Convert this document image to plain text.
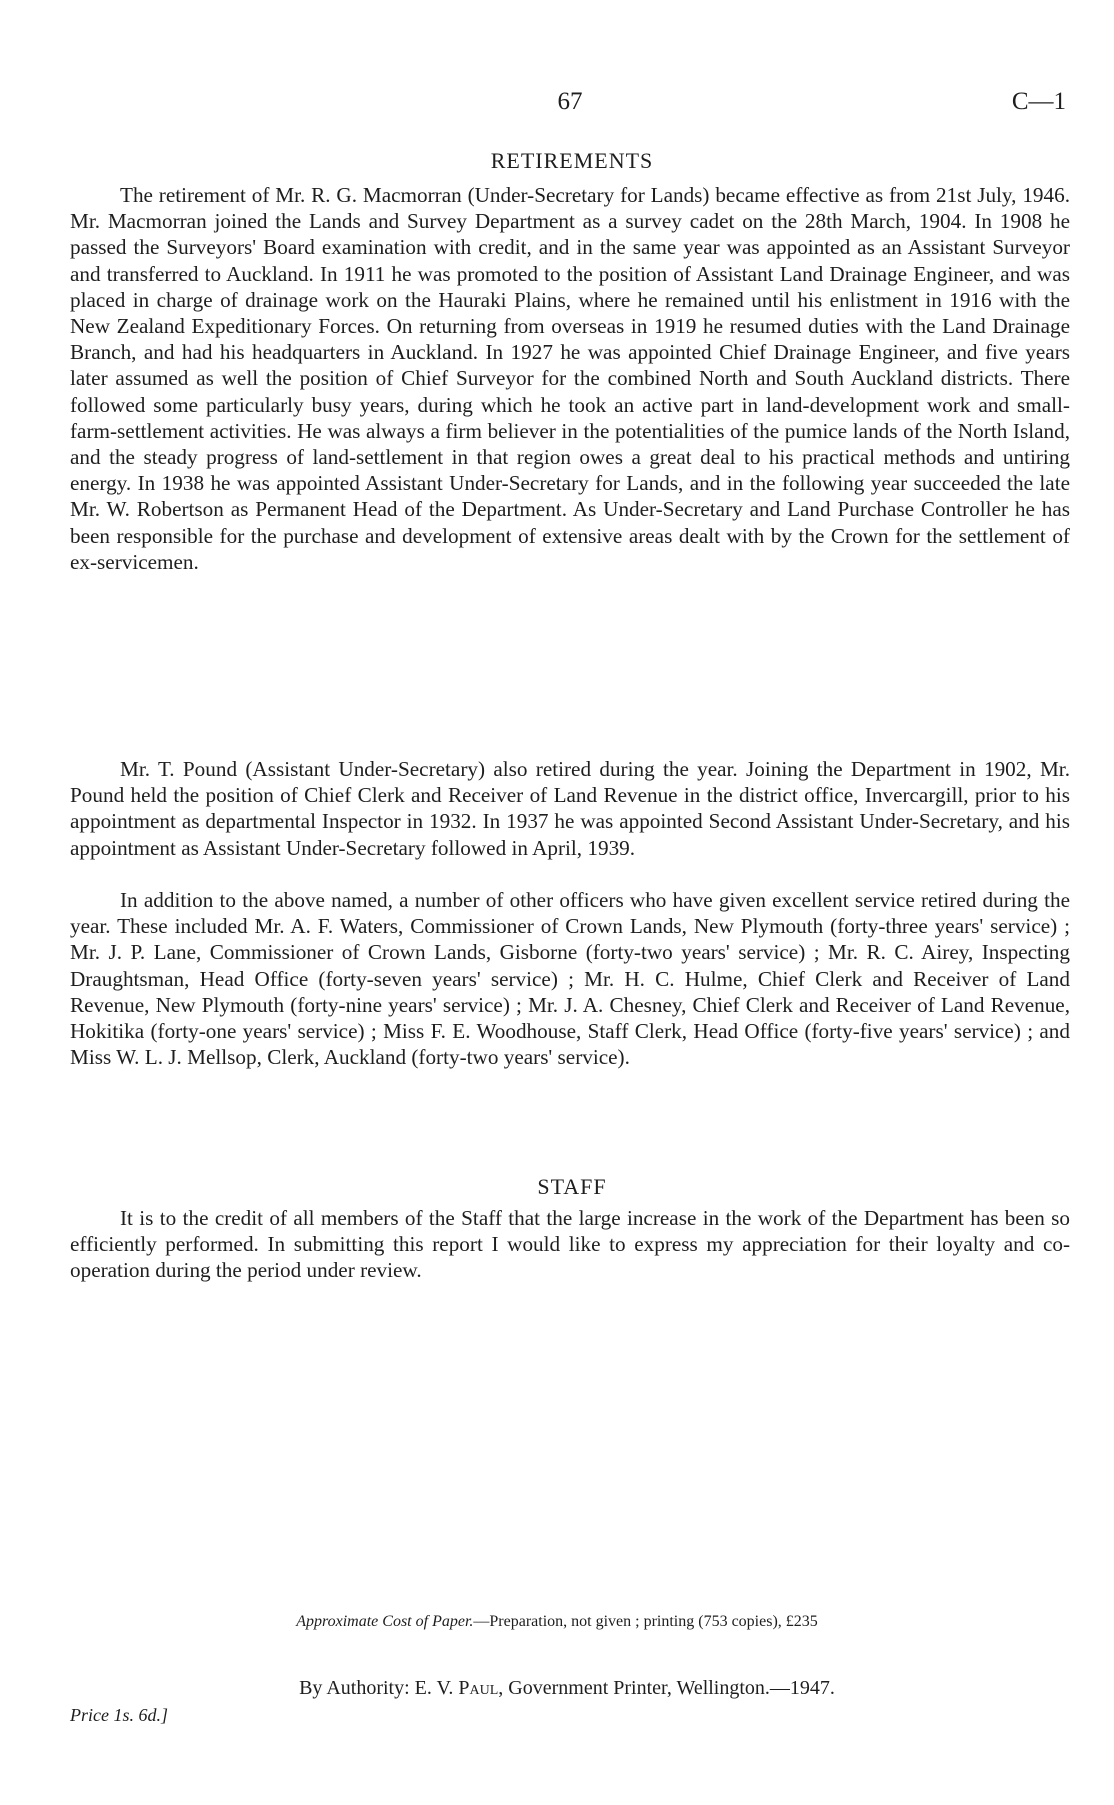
67	C—1
RETIREMENTS

The retirement of Mr. R. G. Macmorran (Under-Secretary for Lands) became effective as from 21st July, 1946. Mr. Macmorran joined the Lands and Survey Department as a survey cadet on the 28th March, 1904. In 1908 he passed the Surveyors' Board examination with credit, and in the same year was appointed as an Assistant Surveyor and transferred to Auckland. In 1911 he was promoted to the position of Assistant Land Drainage Engineer, and was placed in charge of drainage work on the Hauraki Plains, where he remained until his enlistment in 1916 with the New Zealand Expeditionary Forces. On returning from overseas in 1919 he resumed duties with the Land Drainage Branch, and had his headquarters in Auckland. In 1927 he was appointed Chief Drainage Engineer, and five years later assumed as well the position of Chief Surveyor for the combined North and South Auckland districts. There followed some particularly busy years, during which he took an active part in land-development work and small-farm-settlement activities. He was always a firm believer in the potentialities of the pumice lands of the North Island, and the steady progress of land-settlement in that region owes a great deal to his practical methods and untiring energy. In 1938 he was appointed Assistant Under-Secretary for Lands, and in the following year succeeded the late Mr. W. Robertson as Permanent Head of the Department. As Under-Secretary and Land Purchase Controller he has been responsible for the purchase and development of extensive areas dealt with by the Crown for the settlement of ex-servicemen.

Mr. T. Pound (Assistant Under-Secretary) also retired during the year. Joining the Department in 1902, Mr. Pound held the position of Chief Clerk and Receiver of Land Revenue in the district office, Invercargill, prior to his appointment as departmental Inspector in 1932. In 1937 he was appointed Second Assistant Under-Secretary, and his appointment as Assistant Under-Secretary followed in April, 1939.

In addition to the above named, a number of other officers who have given excellent service retired during the year. These included Mr. A. F. Waters, Commissioner of Crown Lands, New Plymouth (forty-three years' service) ; Mr. J. P. Lane, Commissioner of Crown Lands, Gisborne (forty-two years' service) ; Mr. R. C. Airey, Inspecting Draughtsman, Head Office (forty-seven years' service) ; Mr. H. C. Hulme, Chief Clerk and Receiver of Land Revenue, New Plymouth (forty-nine years' service) ; Mr. J. A. Chesney, Chief Clerk and Receiver of Land Revenue, Hokitika (forty-one years' service) ; Miss F. E. Woodhouse, Staff Clerk, Head Office (forty-five years' service) ; and Miss W. L. J. Mellsop, Clerk, Auckland (forty-two years' service).

STAFF

It is to the credit of all members of the Staff that the large increase in the work of the Department has been so efficiently performed. In submitting this report I would like to express my appreciation for their loyalty and co-operation during the period under review.

Approximate Cost of Paper.—Preparation, not given ; printing (753 copies), £235
By Authority: E. V. Paul, Government Printer, Wellington.—1947.
Price 1s. 6d.]
